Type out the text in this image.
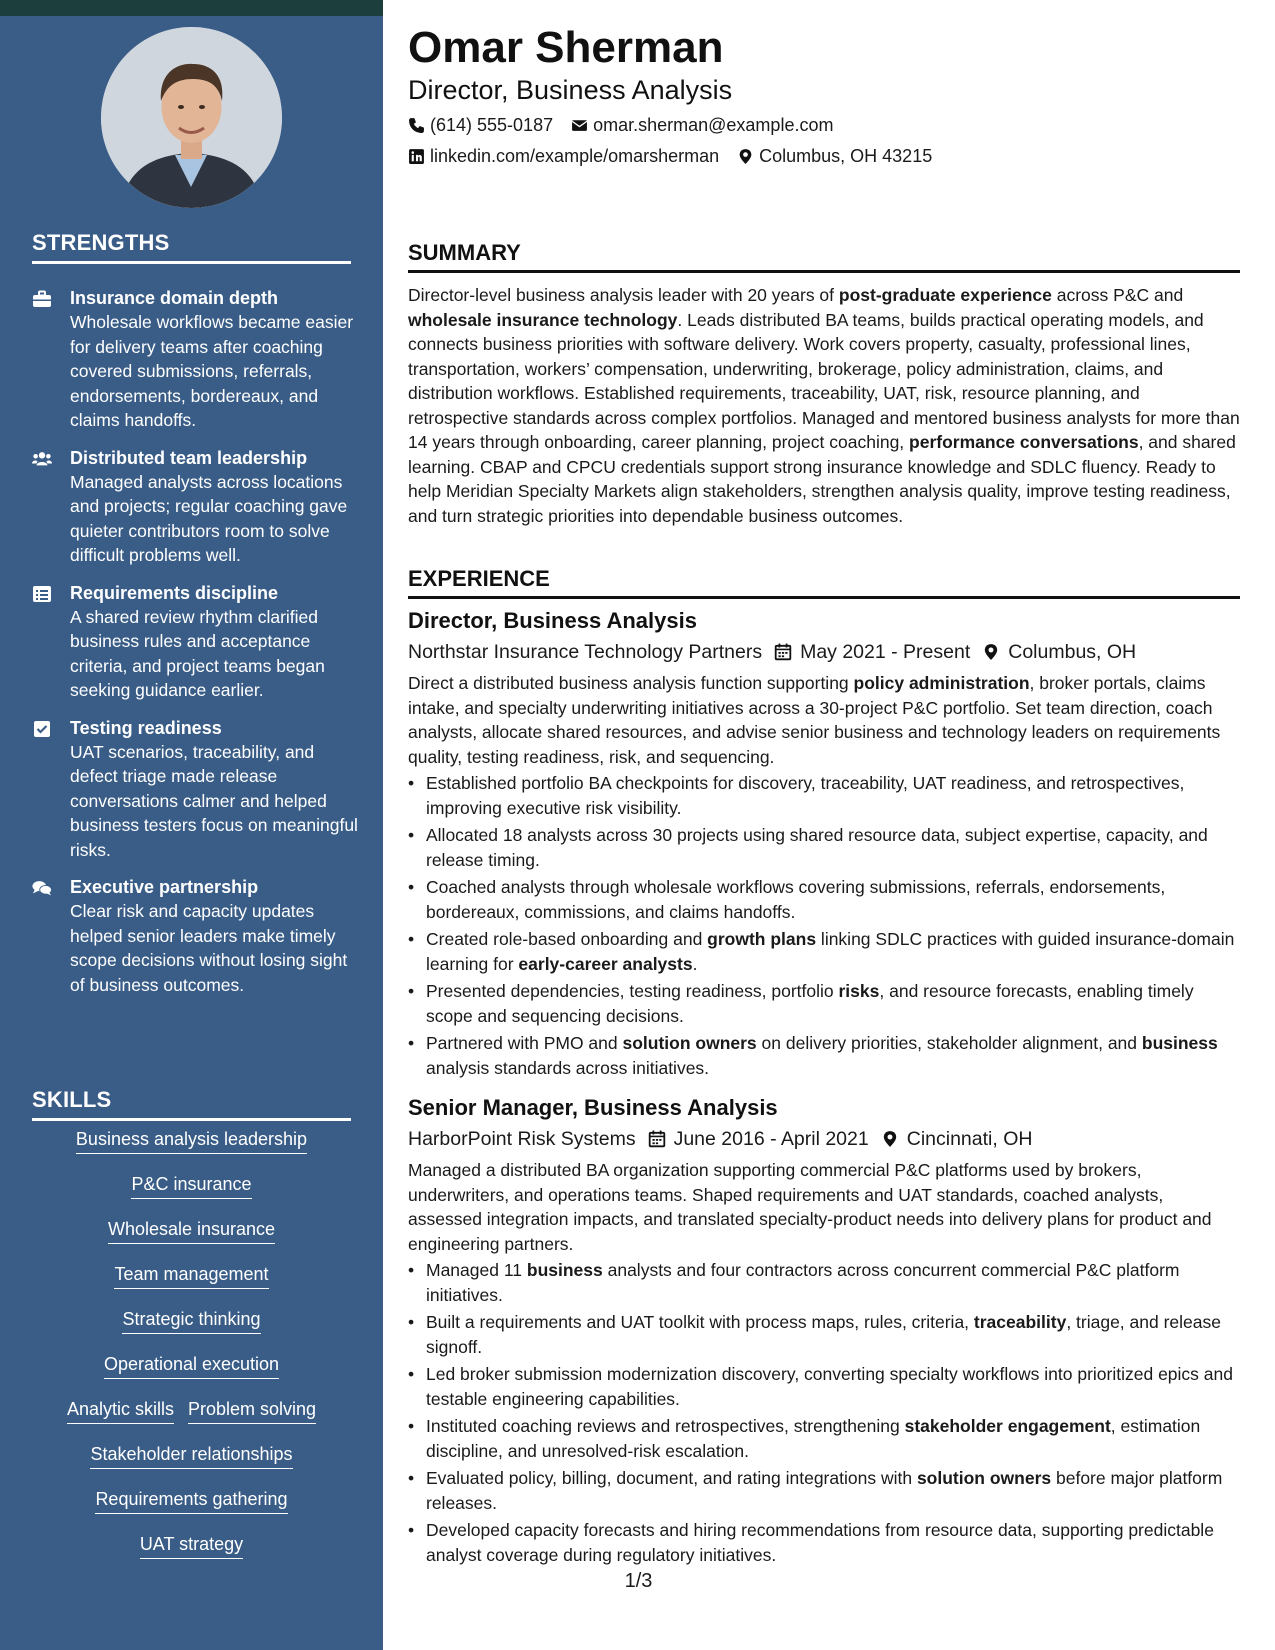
STRENGTHS
Insurance domain depth
Wholesale workflows became easier for delivery teams after coaching covered submissions, referrals, endorsements, bordereaux, and claims handoffs.
Distributed team leadership
Managed analysts across locations and projects; regular coaching gave quieter contributors room to solve difficult problems well.
Requirements discipline
A shared review rhythm clarified business rules and acceptance criteria, and project teams began seeking guidance earlier.
Testing readiness
UAT scenarios, traceability, and defect triage made release conversations calmer and helped business testers focus on meaningful risks.
Executive partnership
Clear risk and capacity updates helped senior leaders make timely scope decisions without losing sight of business outcomes.
SKILLS
Business analysis leadership
P&C insurance
Wholesale insurance
Team management
Strategic thinking
Operational execution
Analytic skills Problem solving
Stakeholder relationships
Requirements gathering
UAT strategy
Omar Sherman
Director, Business Analysis
(614) 555-0187 omar.sherman@example.com
linkedin.com/example/omarsherman Columbus, OH 43215
SUMMARY
Director-level business analysis leader with 20 years of post-graduate experience across P&C and wholesale insurance technology. Leads distributed BA teams, builds practical operating models, and connects business priorities with software delivery. Work covers property, casualty, professional lines, transportation, workers’ compensation, underwriting, brokerage, policy administration, claims, and distribution workflows. Established requirements, traceability, UAT, risk, resource planning, and retrospective standards across complex portfolios. Managed and mentored business analysts for more than 14 years through onboarding, career planning, project coaching, performance conversations, and shared learning. CBAP and CPCU credentials support strong insurance knowledge and SDLC fluency. Ready to help Meridian Specialty Markets align stakeholders, strengthen analysis quality, improve testing readiness, and turn strategic priorities into dependable business outcomes.
EXPERIENCE
Director, Business Analysis
Northstar Insurance Technology Partners May 2021 - Present Columbus, OH
Direct a distributed business analysis function supporting policy administration, broker portals, claims intake, and specialty underwriting initiatives across a 30-project P&C portfolio. Set team direction, coach analysts, allocate shared resources, and advise senior business and technology leaders on requirements quality, testing readiness, risk, and sequencing.
• Established portfolio BA checkpoints for discovery, traceability, UAT readiness, and retrospectives, improving executive risk visibility.
• Allocated 18 analysts across 30 projects using shared resource data, subject expertise, capacity, and release timing.
• Coached analysts through wholesale workflows covering submissions, referrals, endorsements, bordereaux, commissions, and claims handoffs.
• Created role-based onboarding and growth plans linking SDLC practices with guided insurance-domain learning for early-career analysts.
• Presented dependencies, testing readiness, portfolio risks, and resource forecasts, enabling timely scope and sequencing decisions.
• Partnered with PMO and solution owners on delivery priorities, stakeholder alignment, and business analysis standards across initiatives.
Senior Manager, Business Analysis
HarborPoint Risk Systems June 2016 - April 2021 Cincinnati, OH
Managed a distributed BA organization supporting commercial P&C platforms used by brokers, underwriters, and operations teams. Shaped requirements and UAT standards, coached analysts, assessed integration impacts, and translated specialty-product needs into delivery plans for product and engineering partners.
• Managed 11 business analysts and four contractors across concurrent commercial P&C platform initiatives.
• Built a requirements and UAT toolkit with process maps, rules, criteria, traceability, triage, and release signoff.
• Led broker submission modernization discovery, converting specialty workflows into prioritized epics and testable engineering capabilities.
• Instituted coaching reviews and retrospectives, strengthening stakeholder engagement, estimation discipline, and unresolved-risk escalation.
• Evaluated policy, billing, document, and rating integrations with solution owners before major platform releases.
• Developed capacity forecasts and hiring recommendations from resource data, supporting predictable analyst coverage during regulatory initiatives.
1/3
